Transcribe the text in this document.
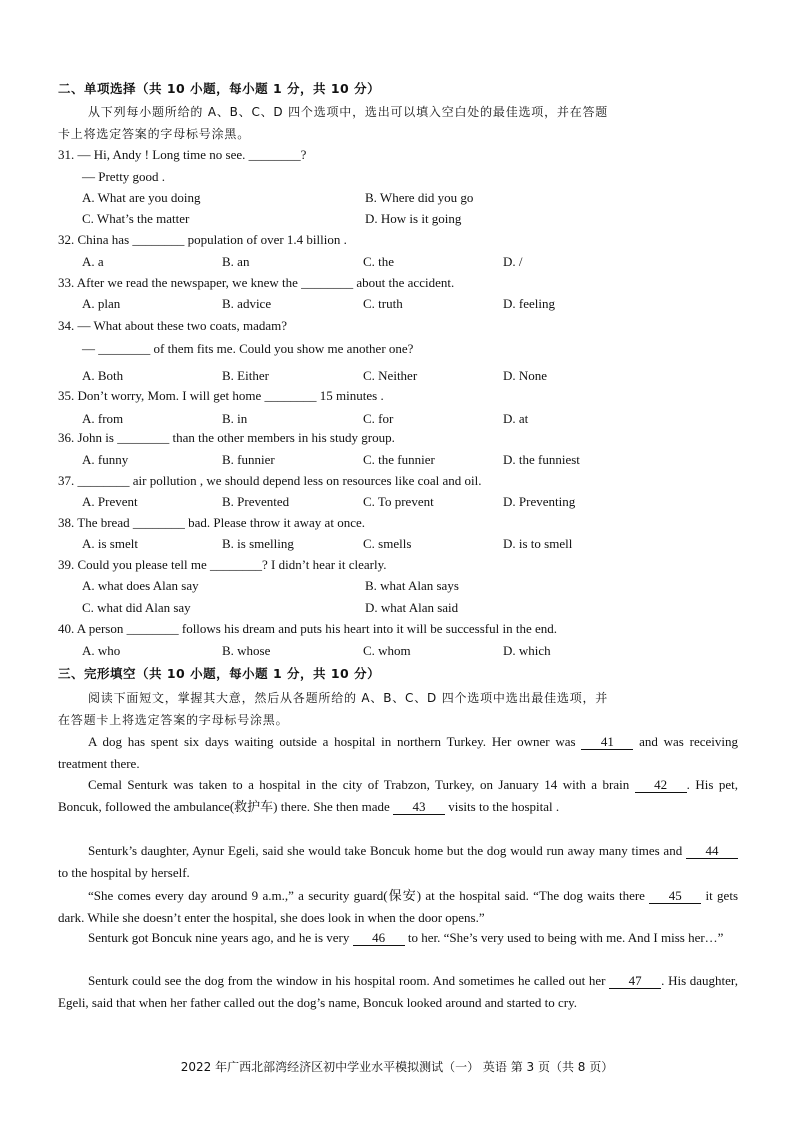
二、单项选择（共 10 小题，每小题 1 分，共 10 分）
从下列每小题所给的 A、B、C、D 四个选项中，选出可以填入空白处的最佳选项，并在答题
卡上将选定答案的字母标号涂黑。
31. — Hi, Andy ! Long time no see. ________?
— Pretty good .
A. What are you doing	B. Where did you go
C. What’s the matter	D. How is it going
32. China has ________ population of over 1.4 billion .
A. a	B. an	C. the	D. /
33. After we read the newspaper, we knew the ________ about the accident.
A. plan	B. advice	C. truth	D. feeling
34. — What about these two coats, madam?
— ________ of them fits me. Could you show me another one?
A. Both	B. Either	C. Neither	D. None
35. Don’t worry, Mom. I will get home ________ 15 minutes .
A. from	B. in	C. for	D. at
36. John is ________ than the other members in his study group.
A. funny	B. funnier	C. the funnier	D. the funniest
37. ________ air pollution , we should depend less on resources like coal and oil.
A. Prevent	B. Prevented	C. To prevent	D. Preventing
38. The bread ________ bad. Please throw it away at once.
A. is smelt	B. is smelling	C. smells	D. is to smell
39. Could you please tell me ________? I didn’t hear it clearly.
A. what does Alan say	B. what Alan says
C. what did Alan say	D. what Alan said
40. A person ________ follows his dream and puts his heart into it will be successful in the end.
A. who	B. whose	C. whom	D. which
三、完形填空（共 10 小题，每小题 1 分，共 10 分）
阅读下面短文，掌握其大意，然后从各题所给的 A、B、C、D 四个选项中选出最佳选项，并
在答题卡上将选定答案的字母标号涂黑。
A dog has spent six days waiting outside a hospital in northern Turkey. Her owner was 41 and was receiving treatment there.
Cemal Senturk was taken to a hospital in the city of Trabzon, Turkey, on January 14 with a brain 42 . His pet, Boncuk, followed the ambulance(救护车) there. She then made 43 visits to the hospital .
Senturk’s daughter, Aynur Egeli, said she would take Boncuk home but the dog would run away many times and 44 to the hospital by herself.
“She comes every day around 9 a.m.,” a security guard(保安) at the hospital said. “The dog waits there 45 it gets dark. While she doesn’t enter the hospital, she does look in when the door opens.”
Senturk got Boncuk nine years ago, and he is very 46 to her. “She’s very used to being with me. And I miss her…”
Senturk could see the dog from the window in his hospital room. And sometimes he called out her 47 . His daughter, Egeli, said that when her father called out the dog’s name, Boncuk looked around and started to cry.
2022 年广西北部湾经济区初中学业水平模拟测试（一） 英语 第 3 页（共 8 页）
